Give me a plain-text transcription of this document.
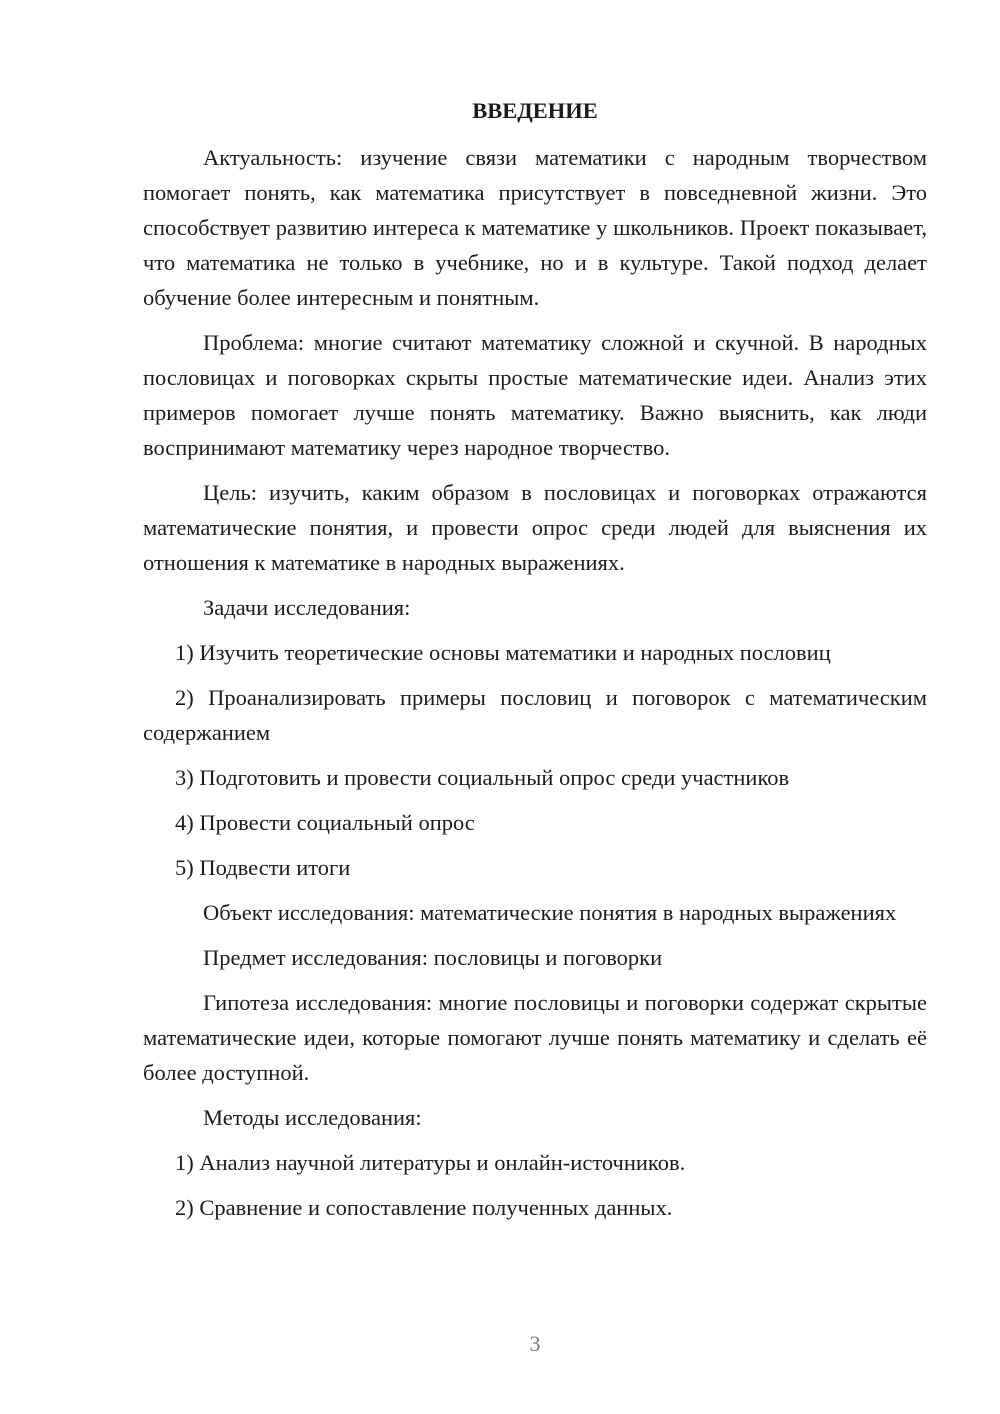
ВВЕДЕНИЕ

Актуальность: изучение связи математики с народным творчеством помогает понять, как математика присутствует в повседневной жизни. Это способствует развитию интереса к математике у школьников. Проект показывает, что математика не только в учебнике, но и в культуре. Такой подход делает обучение более интересным и понятным.

Проблема: многие считают математику сложной и скучной. В народных пословицах и поговорках скрыты простые математические идеи. Анализ этих примеров помогает лучше понять математику. Важно выяснить, как люди воспринимают математику через народное творчество.

Цель: изучить, каким образом в пословицах и поговорках отражаются математические понятия, и провести опрос среди людей для выяснения их отношения к математике в народных выражениях.

Задачи исследования:

1) Изучить теоретические основы математики и народных пословиц

2) Проанализировать примеры пословиц и поговорок с математическим содержанием

3) Подготовить и провести социальный опрос среди участников

4) Провести социальный опрос

5) Подвести итоги

Объект исследования: математические понятия в народных выражениях

Предмет исследования: пословицы и поговорки

Гипотеза исследования: многие пословицы и поговорки содержат скрытые математические идеи, которые помогают лучше понять математику и сделать её более доступной.

Методы исследования:

1) Анализ научной литературы и онлайн-источников.

2) Сравнение и сопоставление полученных данных.

3
